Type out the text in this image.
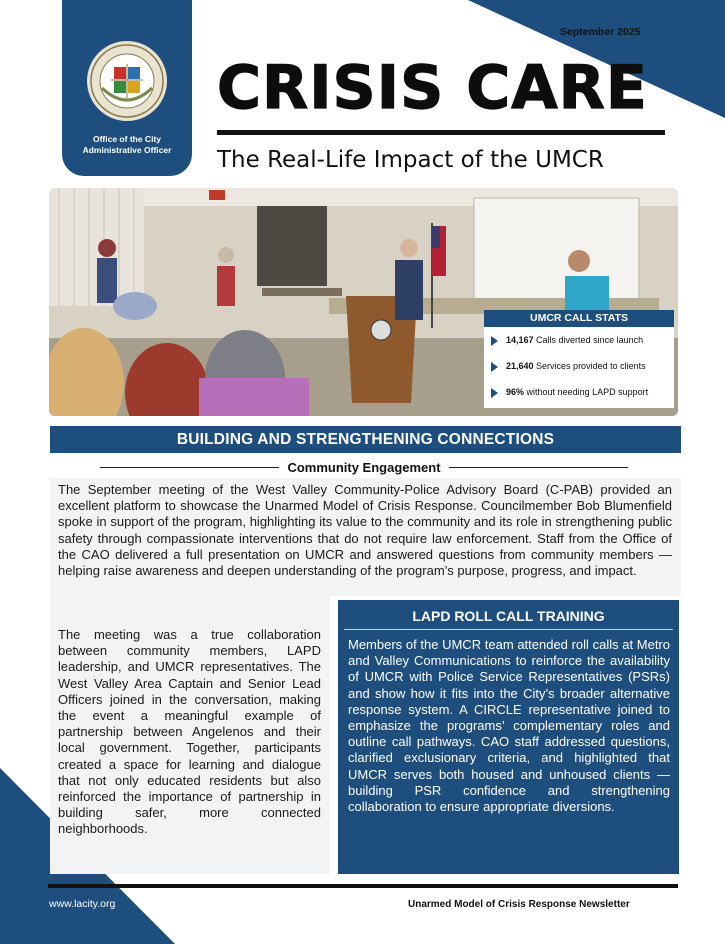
Office of the City
Administrative Officer
September 2025
CRISIS CARE
The Real-Life Impact of the UMCR
UMCR CALL STATS
14,167 Calls diverted since launch
21,640 Services provided to clients
96% without needing LAPD support
BUILDING AND STRENGTHENING CONNECTIONS
Community Engagement

The September meeting of the West Valley Community-Police Advisory Board (C-PAB) provided an excellent platform to showcase the Unarmed Model of Crisis Response. Councilmember Bob Blumenfield spoke in support of the program, highlighting its value to the community and its role in strengthening public safety through compassionate interventions that do not require law enforcement. Staff from the Office of the CAO delivered a full presentation on UMCR and answered questions from community members — helping raise awareness and deepen understanding of the program’s purpose, progress, and impact.

The meeting was a true collaboration between community members, LAPD leadership, and UMCR representatives. The West Valley Area Captain and Senior Lead Officers joined in the conversation, making the event a meaningful example of partnership between Angelenos and their local government. Together, participants created a space for learning and dialogue that not only educated residents but also reinforced the importance of partnership in building safer, more connected neighborhoods.

LAPD ROLL CALL TRAINING

Members of the UMCR team attended roll calls at Metro and Valley Communications to reinforce the availability of UMCR with Police Service Representatives (PSRs) and show how it fits into the City’s broader alternative response system. A CIRCLE representative joined to emphasize the programs’ complementary roles and outline call pathways. CAO staff addressed questions, clarified exclusionary criteria, and highlighted that UMCR serves both housed and unhoused clients — building PSR confidence and strengthening collaboration to ensure appropriate diversions.

www.lacity.org	Unarmed Model of Crisis Response Newsletter
